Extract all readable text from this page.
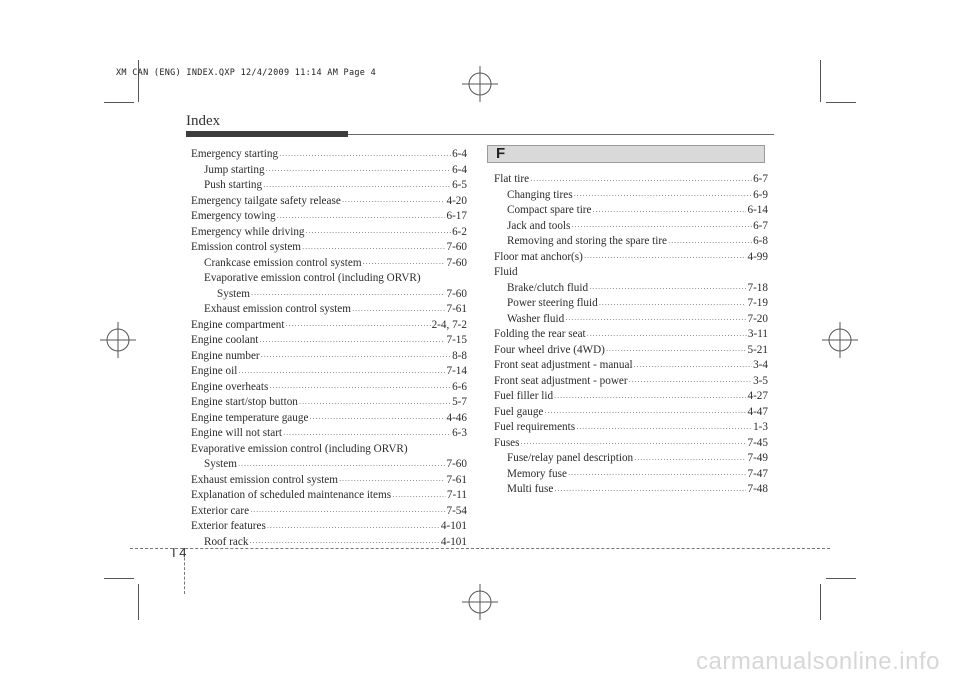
XM CAN (ENG) INDEX.QXP 12/4/2009 11:14 AM Page 4
Index
Emergency starting ·····	6-4
Jump starting ·····	6-4
Push starting ·····	6-5
Emergency tailgate safety release ·····	4-20
Emergency towing ·····	6-17
Emergency while driving ·····	6-2
Emission control system ·····	7-60
Crankcase emission control system ·····	7-60
Evaporative emission control (including ORVR)
System ·····	7-60
Exhaust emission control system ·····	7-61
Engine compartment ·····	2-4, 7-2
Engine coolant ·····	7-15
Engine number ·····	8-8
Engine oil ·····	7-14
Engine overheats ·····	6-6
Engine start/stop button ·····	5-7
Engine temperature gauge ·····	4-46
Engine will not start ·····	6-3
Evaporative emission control (including ORVR)
System ·····	7-60
Exhaust emission control system ·····	7-61
Explanation of scheduled maintenance items ·····	7-11
Exterior care ·····	7-54
Exterior features ·····	4-101
Roof rack ·····	4-101
F
Flat tire ·····	6-7
Changing tires ·····	6-9
Compact spare tire ·····	6-14
Jack and tools ·····	6-7
Removing and storing the spare tire ·····	6-8
Floor mat anchor(s) ·····	4-99
Fluid
Brake/clutch fluid ·····	7-18
Power steering fluid ·····	7-19
Washer fluid ·····	7-20
Folding the rear seat ·····	3-11
Four wheel drive (4WD) ·····	5-21
Front seat adjustment - manual ·····	3-4
Front seat adjustment - power ·····	3-5
Fuel filler lid ·····	4-27
Fuel gauge ·····	4-47
Fuel requirements ·····	1-3
Fuses ·····	7-45
Fuse/relay panel description ·····	7-49
Memory fuse ·····	7-47
Multi fuse ·····	7-48
I 4
carmanualsonline.info
